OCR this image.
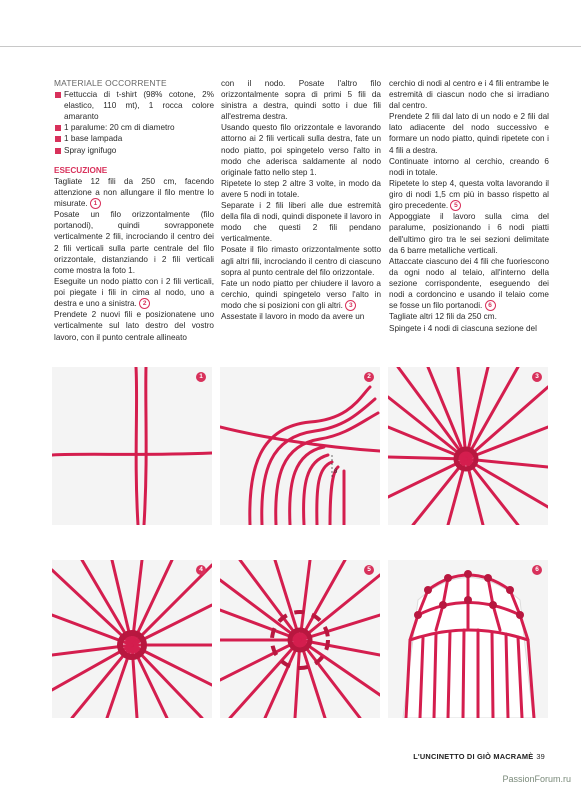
MATERIALE OCCORRENTE
Fettuccia di t-shirt (98% cotone, 2% elastico, 110 mt), 1 rocca colore amaranto
1 paralume: 20 cm di diametro
1 base lampada
Spray ignifugo
ESECUZIONE
Tagliate 12 fili da 250 cm, facendo attenzione a non allungare il filo mentre lo misurate. 1
Posate un filo orizzontalmente (filo portanodi), quindi sovrapponete verticalmente 2 fili, incrociando il centro dei 2 fili verticali sulla parte centrale del filo orizzontale, distanziando i 2 fili verticali come mostra la foto 1.
Eseguite un nodo piatto con i 2 fili verticali, poi piegate i fili in cima al nodo, uno a destra e uno a sinistra. 2
Prendete 2 nuovi fili e posizionatene uno verticalmente sul lato destro del vostro lavoro, con il punto centrale allineato
con il nodo. Posate l'altro filo orizzontalmente sopra di primi 5 fili da sinistra a destra, quindi sotto i due fili all'estrema destra.
Usando questo filo orizzontale e lavorando attorno ai 2 fili verticali sulla destra, fate un nodo piatto, poi spingetelo verso l'alto in modo che aderisca saldamente al nodo originale fatto nello step 1.
Ripetete lo step 2 altre 3 volte, in modo da avere 5 nodi in totale.
Separate i 2 fili liberi alle due estremità della fila di nodi, quindi disponete il lavoro in modo che questi 2 fili pendano verticalmente.
Posate il filo rimasto orizzontalmente sotto agli altri fili, incrociando il centro di ciascuno sopra al punto centrale del filo orizzontale.
Fate un nodo piatto per chiudere il lavoro a cerchio, quindi spingetelo verso l'alto in modo che si posizioni con gli altri. 3
Assestate il lavoro in modo da avere un
cerchio di nodi al centro e i 4 fili entrambe le estremità di ciascun nodo che si irradiano dal centro.
Prendete 2 fili dal lato di un nodo e 2 fili dal lato adiacente del nodo successivo e formare un nodo piatto, quindi ripetete con i 4 fili a destra.
Continuate intorno al cerchio, creando 6 nodi in totale.
Ripetete lo step 4, questa volta lavorando il giro di nodi 1,5 cm più in basso rispetto al giro precedente. 5
Appoggiate il lavoro sulla cima del paralume, posizionando i 6 nodi piatti dell'ultimo giro tra le sei sezioni delimitate da 6 barre metalliche verticali.
Attaccate ciascuno dei 4 fili che fuoriescono da ogni nodo al telaio, all'interno della sezione corrispondente, eseguendo dei nodi a cordoncino e usando il telaio come se fosse un filo portanodi. 6
Tagliate altri 12 fili da 250 cm.
Spingete i 4 nodi di ciascuna sezione del
1
8
2	3
4	5	6
L'UNCINETTO DI GIÒ MACRAMÈ 39
PassionForum.ru
